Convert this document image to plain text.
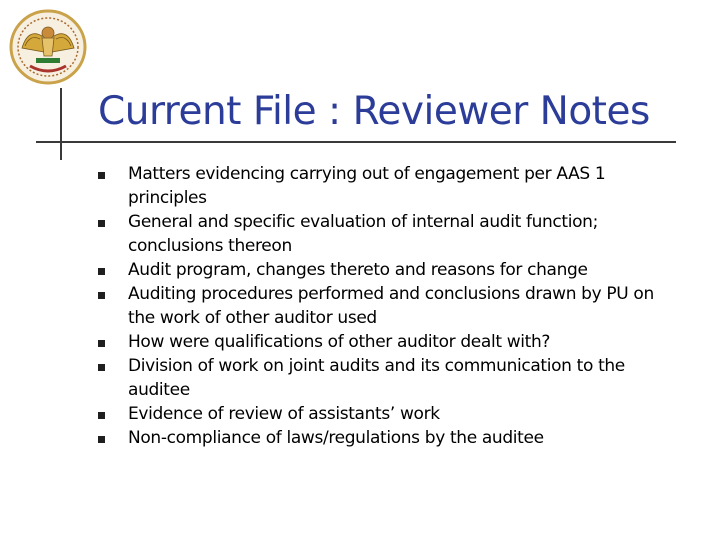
Current File : Reviewer Notes
Matters evidencing carrying out of engagement per AAS 1
principles
General and specific evaluation of internal audit function;
conclusions thereon
Audit program, changes thereto and reasons for change
Auditing procedures performed and conclusions drawn by PU on
the work of other auditor used
How were qualifications of other auditor dealt with?
Division of work on joint audits and its communication to the
auditee
Evidence of review of assistants’ work
Non-compliance of laws/regulations by the auditee
